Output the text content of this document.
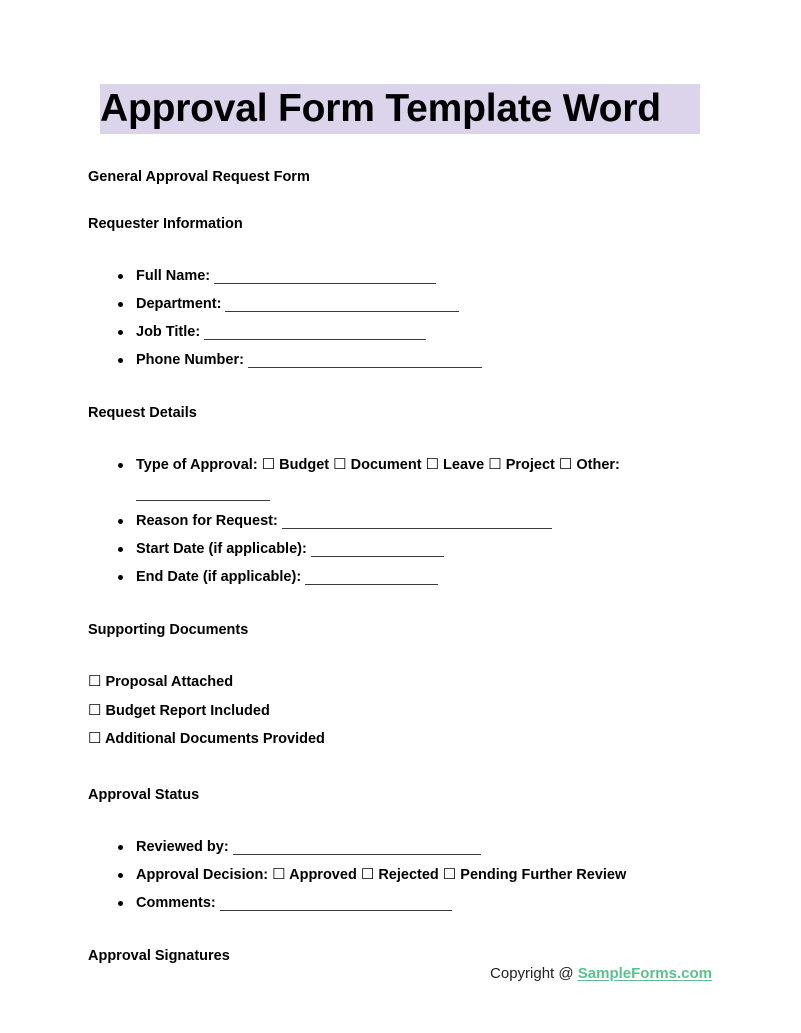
Approval Form Template Word
General Approval Request Form
Requester Information
Full Name:
Department:
Job Title:
Phone Number:
Request Details
Type of Approval: ☐ Budget ☐ Document ☐ Leave ☐ Project ☐ Other:
Reason for Request:
Start Date (if applicable):
End Date (if applicable):
Supporting Documents
☐ Proposal Attached
☐ Budget Report Included
☐ Additional Documents Provided
Approval Status
Reviewed by:
Approval Decision: ☐ Approved ☐ Rejected ☐ Pending Further Review
Comments:
Approval Signatures
Copyright @ SampleForms.com
